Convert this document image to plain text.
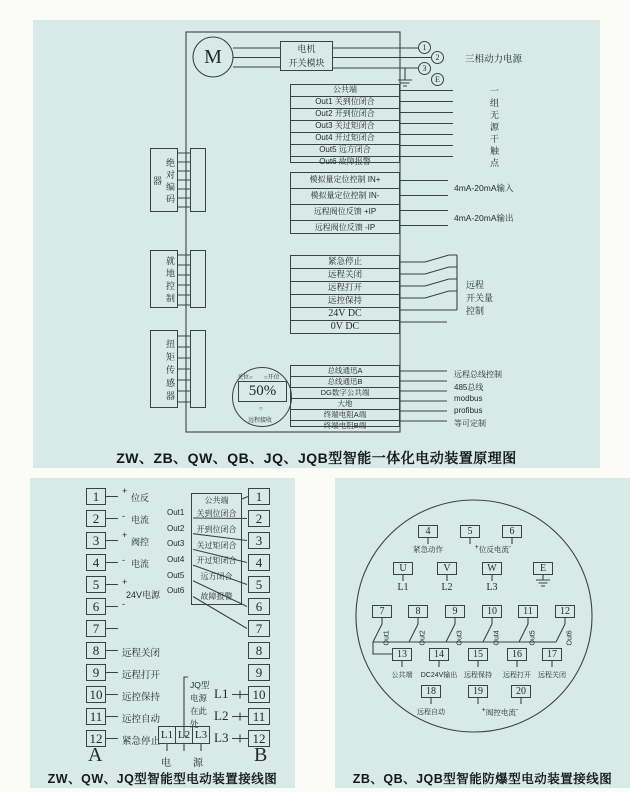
M	电机
开关模块
1
2
3
E
三相动力电源
公共端
Out1 关到位闭合
Out2 开到位闭合
Out3 关过矩闭合
Out4 开过矩闭合
Out5 远方闭合
Out6 故障报警	一组无源干触点
模拟量定位控制 IN+
模拟量定位控制 IN-
远程阀位反馈 +IP
远程阀位反馈 -IP
4mA-20mA输入
4mA-20mA输出
紧急停止
远程关闭
远程打开
远控保持
24V DC
0V DC
远程
开关量
控制
总线通迅A
总线通迅B
DG数字公共端
大地
终端电阻A端
终端电阻B端
远程总线控制
485总线
modbus
profibus
等可定制
绝对编码器
就地控制
扭矩传感器	关位○ ○开位
50%
○
远程接收
ZW、ZB、QW、QB、JQ、JQB型智能一体化电动装置原理图
1
2
3
4
5
6
7
8
9
10
11
12
+
位反
- 电流
+
阀控
- 电流
+
24V电源
-
远程关闭
远程打开
远控保持
远控自动
紧急停止
A
公共端
关到位闭合
开到位闭合
关过矩闭合
开过矩闭合
远方闭合
故障报警
Out1
Out2
Out3
Out4
Out5
Out6
1
2
3
4
5
6
7
8
9
10
11
12
B
JQ型
电源
在此
处
L1
L2
L3
L1 L2 L3
电 源
ZW、QW、JQ型智能型电动装置接线图
4	5	6
紧急动作	+位反电流-
U	V	W	E
L1	L2	L3
7	8	9	10	11	12
Out1	Out2	Out3	Out4	Out5	Out6
13	14	15	16	17
公共端	DC24V输出 远程保持	远程打开	远程关闭
18	19	20
远程自动	+阀控电流-
ZB、QB、JQB型智能防爆型电动装置接线图
